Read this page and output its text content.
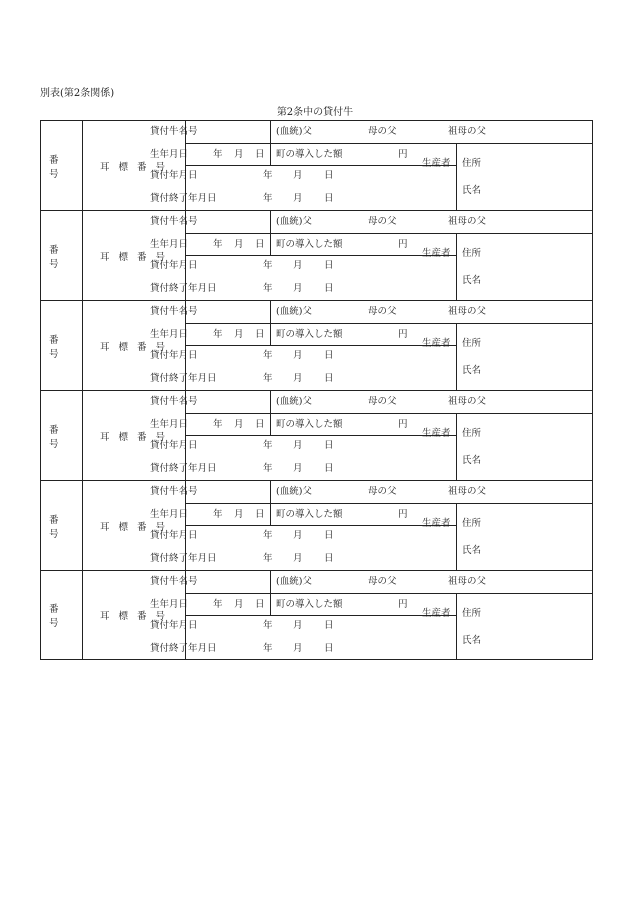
別表(第2条関係)
第2条中の貸付牛
番 号
耳 標 番 号
貸付牛名号	(血統)父	母の父	祖母の父
生年月日	年 月 日 町の導入した額	円
生産者 住所
貸付年月日	年 月 日
氏名
貸付終了年月日	年 月 日
番 号
耳 標 番 号
貸付牛名号	(血統)父	母の父	祖母の父
生年月日	年 月 日 町の導入した額	円
生産者 住所
貸付年月日	年 月 日
氏名
貸付終了年月日	年 月 日
番 号
耳 標 番 号
貸付牛名号	(血統)父	母の父	祖母の父
生年月日	年 月 日 町の導入した額	円
生産者 住所
貸付年月日	年 月 日
氏名
貸付終了年月日	年 月 日
番 号
耳 標 番 号
貸付牛名号	(血統)父	母の父	祖母の父
生年月日	年 月 日 町の導入した額	円
生産者 住所
貸付年月日	年 月 日
氏名
貸付終了年月日	年 月 日
番 号
耳 標 番 号
貸付牛名号	(血統)父	母の父	祖母の父
生年月日	年 月 日 町の導入した額	円
生産者 住所
貸付年月日	年 月 日
氏名
貸付終了年月日	年 月 日
番 号
耳 標 番 号
貸付牛名号	(血統)父	母の父	祖母の父
生年月日	年 月 日 町の導入した額	円
生産者 住所
貸付年月日	年 月 日
氏名
貸付終了年月日	年 月 日
